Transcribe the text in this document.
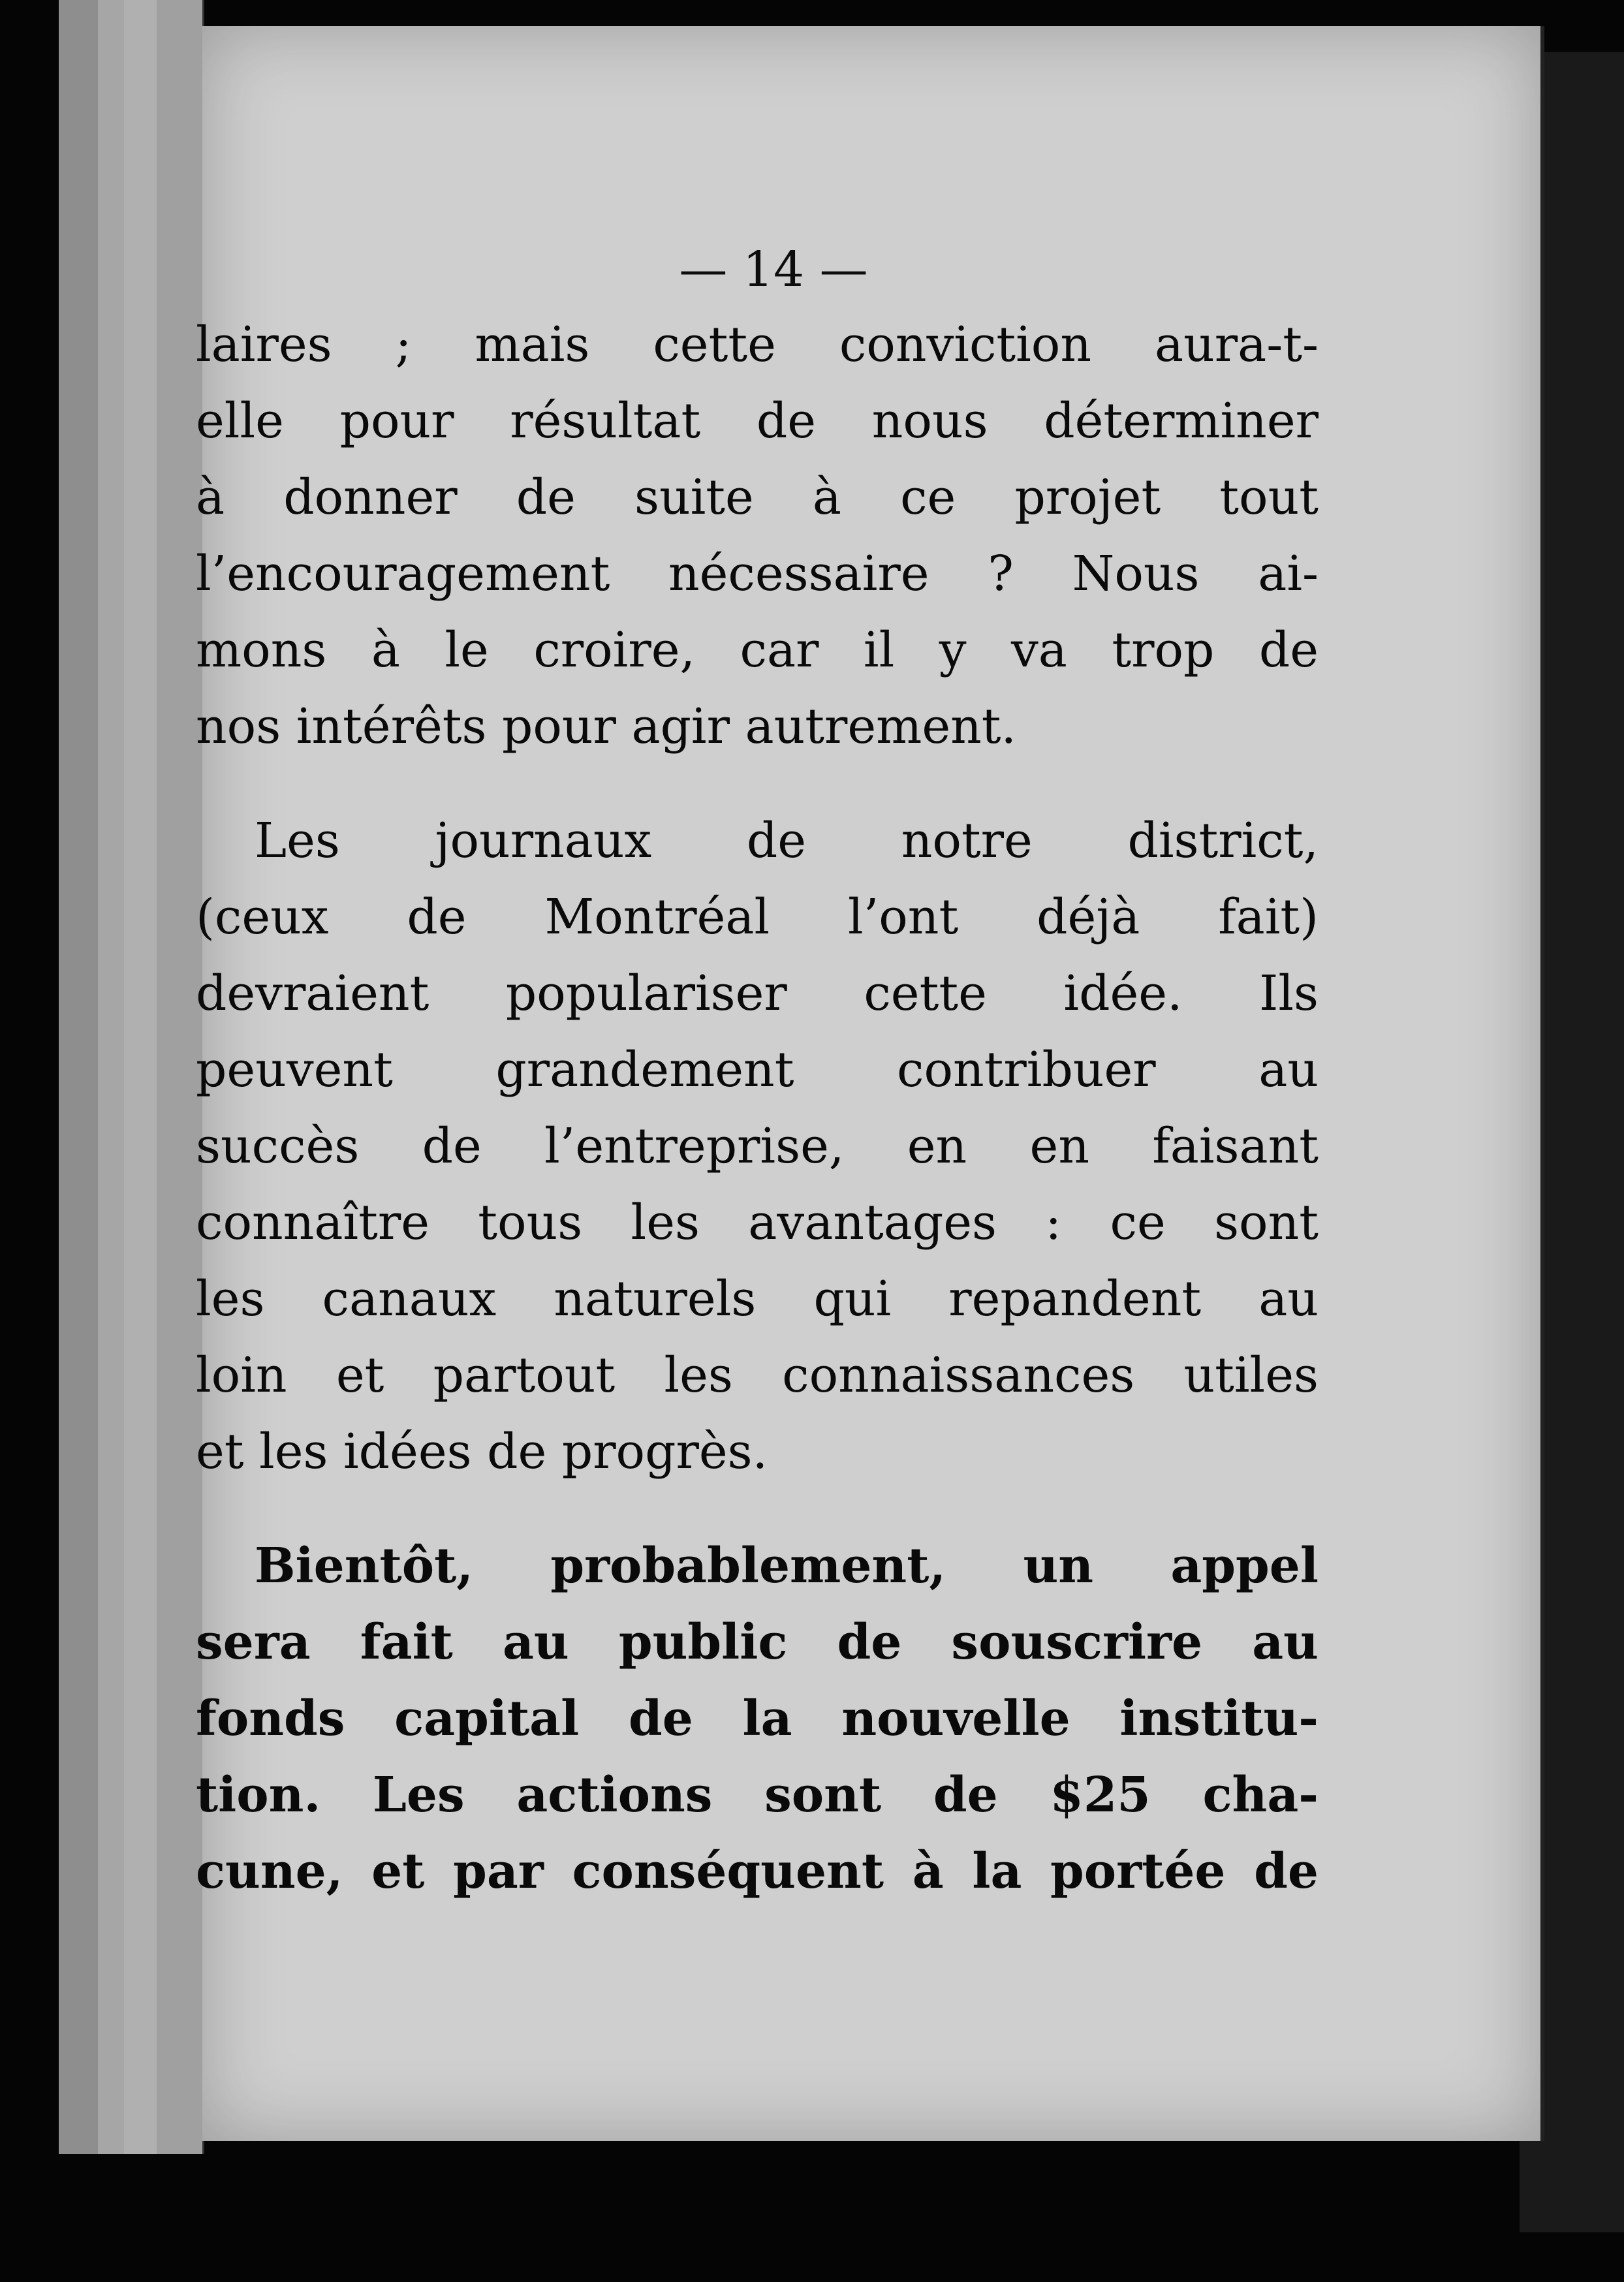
— 14 —

laires ; mais cette conviction aura-t-
elle pour résultat de nous déterminer
à donner de suite à ce projet tout
l’encouragement nécessaire ? Nous ai-
mons à le croire, car il y va trop de
nos intérêts pour agir autrement.

Les journaux de notre district,
(ceux de Montréal l’ont déjà fait)
devraient populariser cette idée. Ils
peuvent grandement contribuer au
succès de l’entreprise, en en faisant
connaître tous les avantages : ce sont
les canaux naturels qui repandent au
loin et partout les connaissances utiles
et les idées de progrès.

Bientôt, probablement, un appel
sera fait au public de souscrire au
fonds capital de la nouvelle institu-
tion. Les actions sont de $25 cha-
cune, et par conséquent à la portée de
